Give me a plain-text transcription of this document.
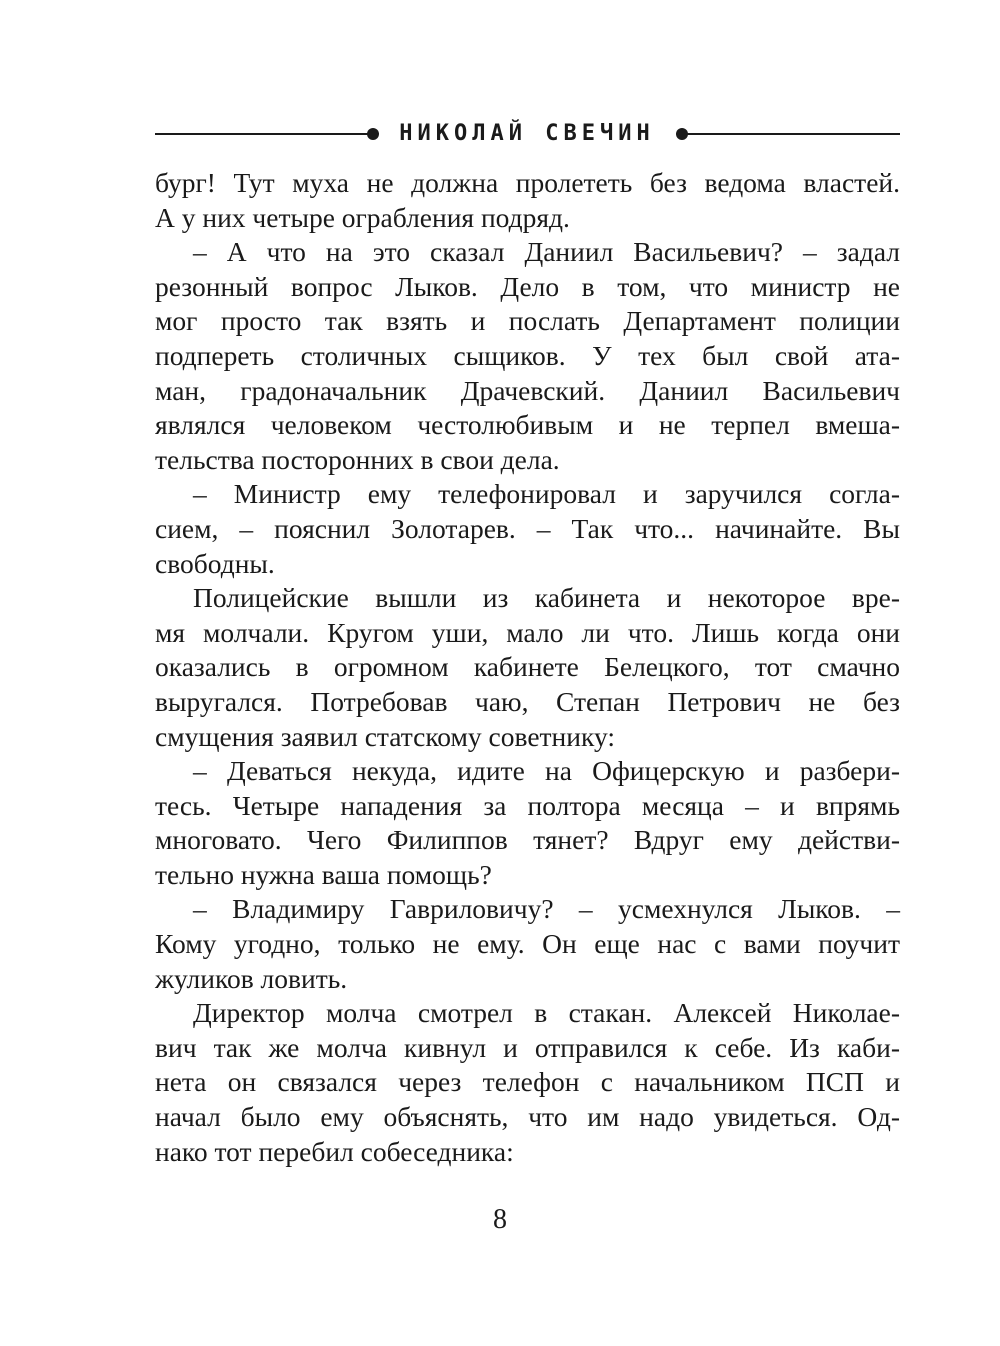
НИКОЛАЙ СВЕЧИН
бург! Тут муха не должна пролететь без ведома властей.
А у них четыре ограбления подряд.
– А что на это сказал Даниил Васильевич? – задал
резонный вопрос Лыков. Дело в том, что министр не
мог просто так взять и послать Департамент полиции
подпереть столичных сыщиков. У тех был свой ата-
ман, градоначальник Драчевский. Даниил Васильевич
являлся человеком честолюбивым и не терпел вмеша-
тельства посторонних в свои дела.
– Министр ему телефонировал и заручился согла-
сием, – пояснил Золотарев. – Так что... начинайте. Вы
свободны.
Полицейские вышли из кабинета и некоторое вре-
мя молчали. Кругом уши, мало ли что. Лишь когда они
оказались в огромном кабинете Белецкого, тот смачно
выругался. Потребовав чаю, Степан Петрович не без
смущения заявил статскому советнику:
– Деваться некуда, идите на Офицерскую и разбери-
тесь. Четыре нападения за полтора месяца – и впрямь
многовато. Чего Филиппов тянет? Вдруг ему действи-
тельно нужна ваша помощь?
– Владимиру Гавриловичу? – усмехнулся Лыков. –
Кому угодно, только не ему. Он еще нас с вами поучит
жуликов ловить.
Директор молча смотрел в стакан. Алексей Николае-
вич так же молча кивнул и отправился к себе. Из каби-
нета он связался через телефон с начальником ПСП и
начал было ему объяснять, что им надо увидеться. Од-
нако тот перебил собеседника:
8
